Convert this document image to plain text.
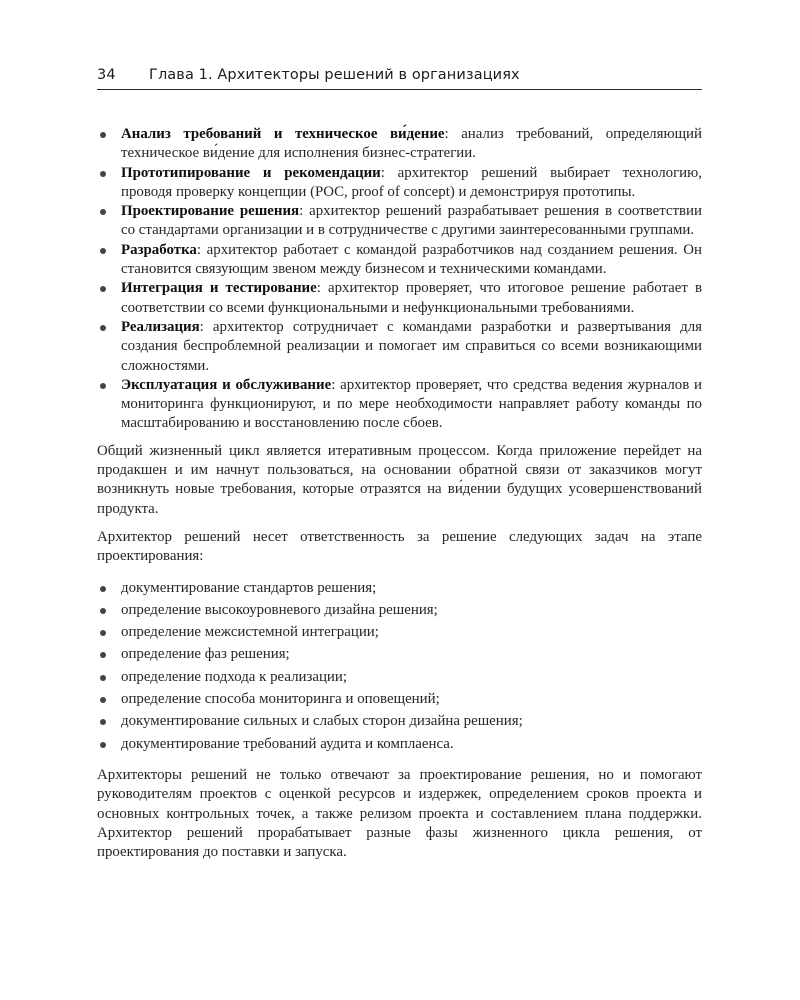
34 Глава 1. Архитекторы решений в организациях
Анализ требований и техническое ви́дение: анализ требований, определяющий техническое ви́дение для исполнения бизнес-стратегии.
Прототипирование и рекомендации: архитектор решений выбирает технологию, проводя проверку концепции (POC, proof of concept) и демонстрируя прототипы.
Проектирование решения: архитектор решений разрабатывает решения в соответствии со стандартами организации и в сотрудничестве с другими заинтересованными группами.
Разработка: архитектор работает с командой разработчиков над созданием решения. Он становится связующим звеном между бизнесом и техническими командами.
Интеграция и тестирование: архитектор проверяет, что итоговое решение работает в соответствии со всеми функциональными и нефункциональными требованиями.
Реализация: архитектор сотрудничает с командами разработки и развертывания для создания беспроблемной реализации и помогает им справиться со всеми возникающими сложностями.
Эксплуатация и обслуживание: архитектор проверяет, что средства ведения журналов и мониторинга функционируют, и по мере необходимости направляет работу команды по масштабированию и восстановлению после сбоев.

Общий жизненный цикл является итеративным процессом. Когда приложение перейдет на продакшен и им начнут пользоваться, на основании обратной связи от заказчиков могут возникнуть новые требования, которые отразятся на ви́дении будущих усовершенствований продукта.

Архитектор решений несет ответственность за решение следующих задач на этапе проектирования:

документирование стандартов решения;
определение высокоуровневого дизайна решения;
определение межсистемной интеграции;
определение фаз решения;
определение подхода к реализации;
определение способа мониторинга и оповещений;
документирование сильных и слабых сторон дизайна решения;
документирование требований аудита и комплаенса.

Архитекторы решений не только отвечают за проектирование решения, но и помогают руководителям проектов с оценкой ресурсов и издержек, определением сроков проекта и основных контрольных точек, а также релизом проекта и составлением плана поддержки. Архитектор решений прорабатывает разные фазы жизненного цикла решения, от проектирования до поставки и запуска.
